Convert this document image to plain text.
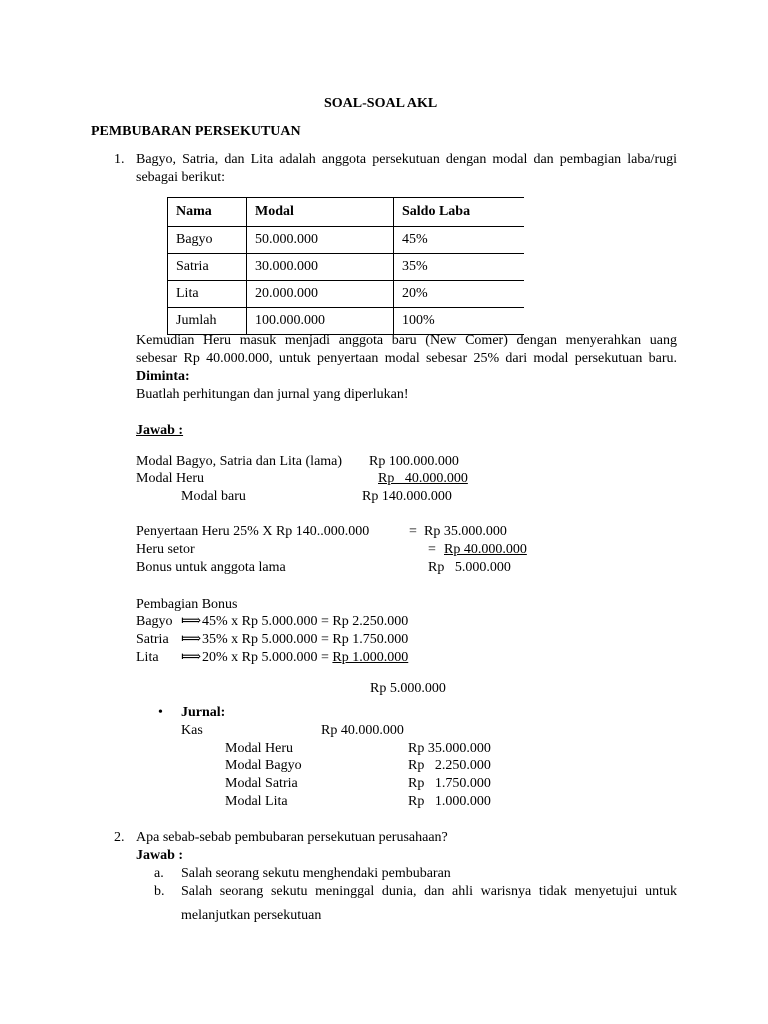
SOAL-SOAL AKL
PEMBUBARAN PERSEKUTUAN
1. Bagyo, Satria, dan Lita adalah anggota persekutuan dengan modal dan pembagian laba/rugi
sebagai berikut:
Nama	Modal	Saldo Laba
Bagyo	50.000.000	45%
Satria	30.000.000	35%
Lita	20.000.000	20%
Jumlah	100.000.000	100%
Kemudian Heru masuk menjadi anggota baru (New Comer) dengan menyerahkan uang
sebesar Rp 40.000.000, untuk penyertaan modal sebesar 25% dari modal persekutuan baru.
Diminta:
Buatlah perhitungan dan jurnal yang diperlukan!
Jawab :
Modal Bagyo, Satria dan Lita (lama) Rp 100.000.000
Modal Heru	Rp   40.000.000
Modal baru	Rp 140.000.000
Penyertaan Heru 25% X Rp 140..000.000	= Rp 35.000.000
Heru setor	= Rp 40.000.000
Bonus untuk anggota lama	Rp   5.000.000
Pembagian Bonus
Bagyo ⟾ 45% x Rp 5.000.000 = Rp 2.250.000
Satria ⟾ 35% x Rp 5.000.000 = Rp 1.750.000
Lita ⟾ 20% x Rp 5.000.000 = Rp 1.000.000
Rp 5.000.000
• Jurnal:
Kas	Rp 40.000.000
Modal Heru	Rp 35.000.000
Modal Bagyo	Rp   2.250.000
Modal Satria	Rp   1.750.000
Modal Lita	Rp   1.000.000
2. Apa sebab-sebab pembubaran persekutuan perusahaan?
Jawab :
a. Salah seorang sekutu menghendaki pembubaran
b. Salah seorang sekutu meninggal dunia, dan ahli warisnya tidak menyetujui untuk
melanjutkan persekutuan
